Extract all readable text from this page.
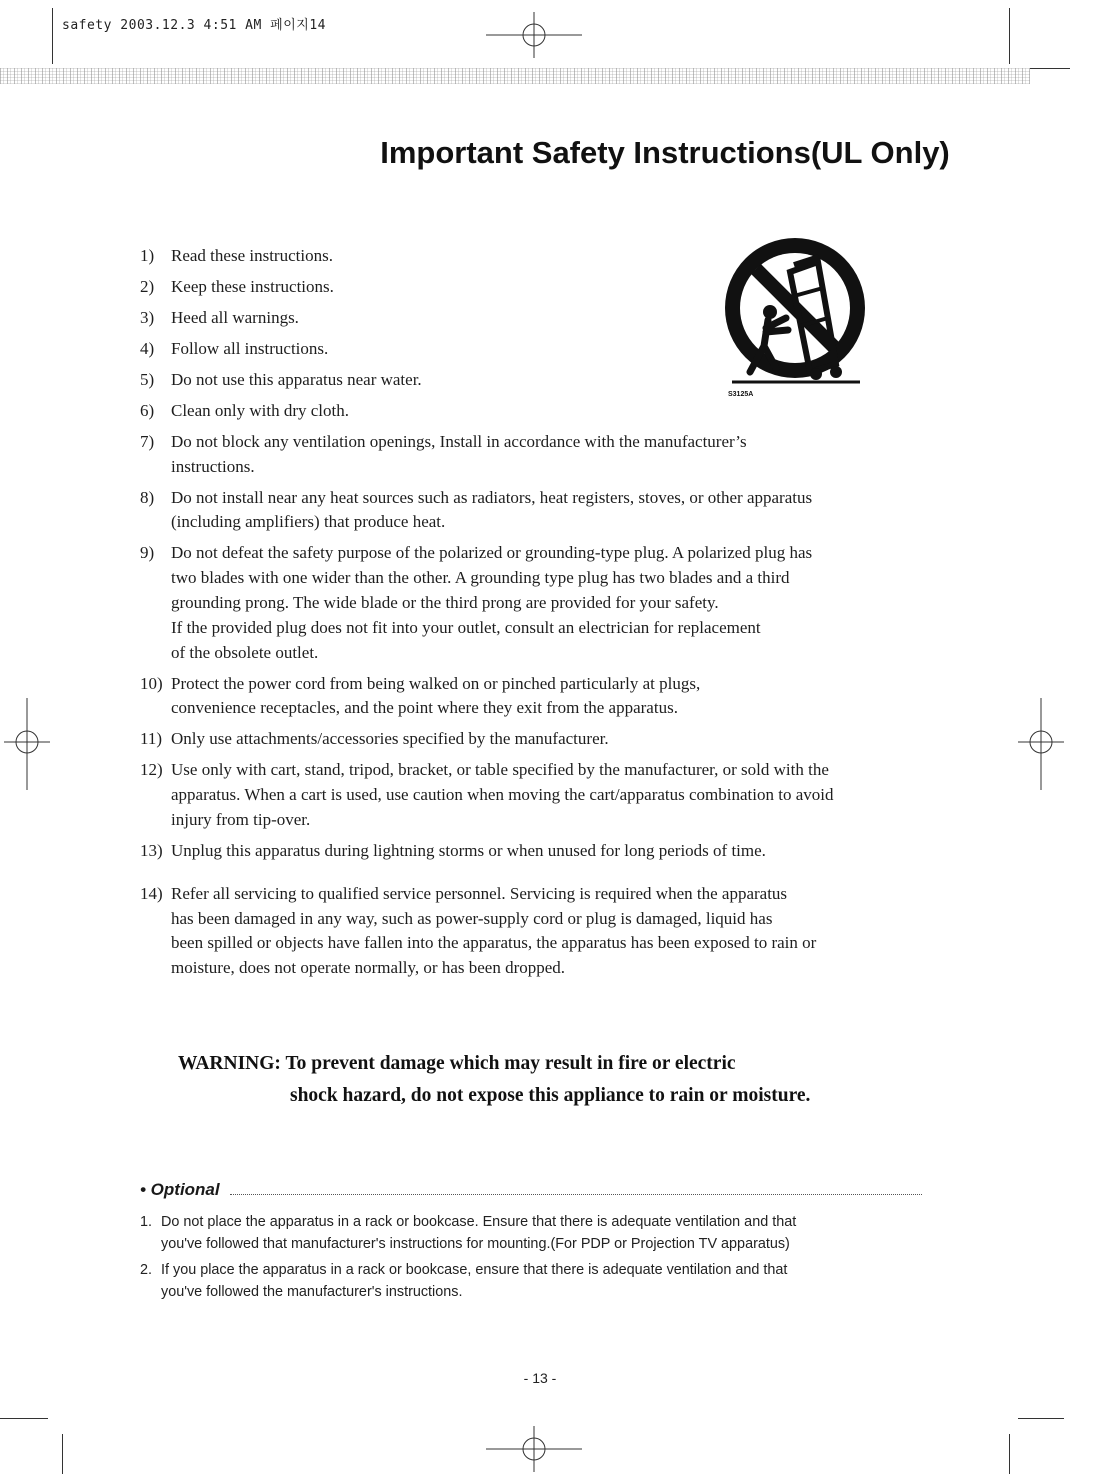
safety 2003.12.3 4:51 AM 페이지14
Important Safety Instructions(UL Only)
S3125A
1) Read these instructions.
2) Keep these instructions.
3) Heed all warnings.
4) Follow all instructions.
5) Do not use this apparatus near water.
6) Clean only with dry cloth.
7) Do not block any ventilation openings, Install in accordance with the manufacturer’s
instructions.
8) Do not install near any heat sources such as radiators, heat registers, stoves, or other apparatus
(including amplifiers) that produce heat.
9) Do not defeat the safety purpose of the polarized or grounding-type plug. A polarized plug has
two blades with one wider than the other. A grounding type plug has two blades and a third
grounding prong. The wide blade or the third prong are provided for your safety.
If the provided plug does not fit into your outlet, consult an electrician for replacement
of the obsolete outlet.
10) Protect the power cord from being walked on or pinched particularly at plugs,
convenience receptacles, and the point where they exit from the apparatus.
11) Only use attachments/accessories specified by the manufacturer.
12) Use only with cart, stand, tripod, bracket, or table specified by the manufacturer, or sold with the
apparatus. When a cart is used, use caution when moving the cart/apparatus combination to avoid
injury from tip-over.
13) Unplug this apparatus during lightning storms or when unused for long periods of time.
14) Refer all servicing to qualified service personnel. Servicing is required when the apparatus
has been damaged in any way, such as power-supply cord or plug is damaged, liquid has
been spilled or objects have fallen into the apparatus, the apparatus has been exposed to rain or
moisture, does not operate normally, or has been dropped.
WARNING: To prevent damage which may result in fire or electric
shock hazard, do not expose this appliance to rain or moisture.
• Optional
1. Do not place the apparatus in a rack or bookcase. Ensure that there is adequate ventilation and that
you've followed that manufacturer's instructions for mounting.(For PDP or Projection TV apparatus)
2. If you place the apparatus in a rack or bookcase, ensure that there is adequate ventilation and that
you've followed the manufacturer's instructions.
- 13 -
